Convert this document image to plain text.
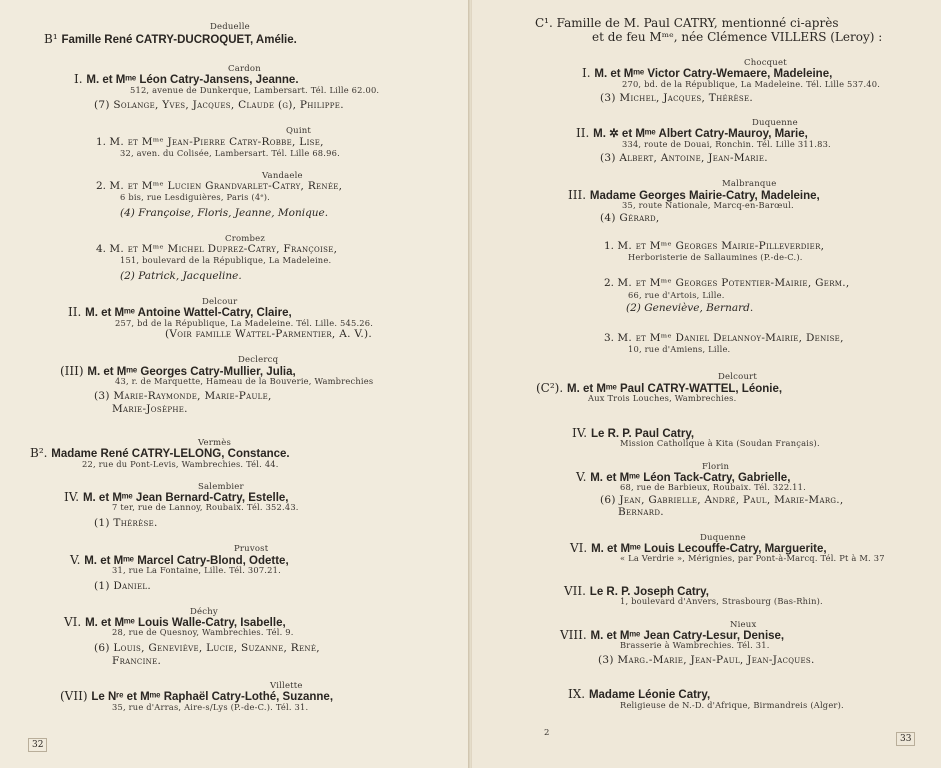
Deduelle
B¹ Famille René CATRY-DUCROQUET, Amélie.
Cardon
I. M. et Mᵐᵉ Léon Catry-Jansens, Jeanne.
512, avenue de Dunkerque, Lambersart. Tél. Lille 62.00.
(7) Solange, Yves, Jacques, Claude (g), Philippe.
Quint
1. M. et Mᵐᵉ Jean-Pierre Catry-Robbe, Lise,
32, aven. du Colisée, Lambersart. Tél. Lille 68.96.
Vandaele
2. M. et Mᵐᵉ Lucien Grandvarlet-Catry, Renée,
6 bis, rue Lesdiguières, Paris (4ᵉ).
(4) Françoise, Floris, Jeanne, Monique.
Crombez
4. M. et Mᵐᵉ Michel Duprez-Catry, Françoise,
151, boulevard de la République, La Madeleine.
(2) Patrick, Jacqueline.
Delcour
II. M. et Mᵐᵉ Antoine Wattel-Catry, Claire,
257, bd de la République, La Madeleine. Tél. Lille. 545.26.
(Voir famille Wattel-Parmentier, A. V.).
Declercq
(III) M. et Mᵐᵉ Georges Catry-Mullier, Julia,
43, r. de Marquette, Hameau de la Bouverie, Wambrechies
(3) Marie-Raymonde, Marie-Paule,
Marie-Josèphe.
Vermès
B². Madame René CATRY-LELONG, Constance.
22, rue du Pont-Levis, Wambrechies. Tél. 44.
Salembier
IV. M. et Mᵐᵉ Jean Bernard-Catry, Estelle,
7 ter, rue de Lannoy, Roubaix. Tél. 352.43.
(1) Thérèse.
Pruvost
V. M. et Mᵐᵉ Marcel Catry-Blond, Odette,
31, rue La Fontaine, Lille. Tél. 307.21.
(1) Daniel.
Déchy
VI. M. et Mᵐᵉ Louis Walle-Catry, Isabelle,
28, rue de Quesnoy, Wambrechies. Tél. 9.
(6) Louis, Geneviève, Lucie, Suzanne, René,
Francine.
Villette
(VII) Le Nʳᵉ et Mᵐᵉ Raphaël Catry-Lothé, Suzanne,
35, rue d'Arras, Aire-s/Lys (P.-de-C.). Tél. 31.
32
C¹. Famille de M. Paul CATRY, mentionné ci-après
et de feu Mᵐᵉ, née Clémence VILLERS (Leroy) :
Chocquet
I. M. et Mᵐᵉ Victor Catry-Wemaere, Madeleine,
270, bd. de la République, La Madeleine. Tél. Lille 537.40.
(3) Michel, Jacques, Thérèse.
Duquenne
II. M. ✲ et Mᵐᵉ Albert Catry-Mauroy, Marie,
334, route de Douai, Ronchin. Tél. Lille 311.83.
(3) Albert, Antoine, Jean-Marie.
Malbranque
III. Madame Georges Mairie-Catry, Madeleine,
35, route Nationale, Marcq-en-Barœul.
(4) Gérard,
1. M. et Mᵐᵉ Georges Mairie-Pilleverdier,
Herboristerie de Sallaumines (P.-de-C.).
2. M. et Mᵐᵉ Georges Potentier-Mairie, Germ.,
66, rue d'Artois, Lille.
(2) Geneviève, Bernard.
3. M. et Mᵐᵉ Daniel Delannoy-Mairie, Denise,
10, rue d'Amiens, Lille.
Delcourt
(C²). M. et Mᵐᵉ Paul CATRY-WATTEL, Léonie,
Aux Trois Louches, Wambrechies.
IV. Le R. P. Paul Catry,
Mission Catholique à Kita (Soudan Français).
Florin
V. M. et Mᵐᵉ Léon Tack-Catry, Gabrielle,
68, rue de Barbieux, Roubaix. Tél. 322.11.
(6) Jean, Gabrielle, André, Paul, Marie-Marg.,
Bernard.
Duquenne
VI. M. et Mᵐᵉ Louis Lecouffe-Catry, Marguerite,
« La Verdrie », Mérignies, par Pont-à-Marcq. Tél. Pt à M. 37
VII. Le R. P. Joseph Catry,
1, boulevard d'Anvers, Strasbourg (Bas-Rhin).
Nieux
VIII. M. et Mᵐᵉ Jean Catry-Lesur, Denise,
Brasserie à Wambrechies. Tél. 31.
(3) Marg.-Marie, Jean-Paul, Jean-Jacques.
IX. Madame Léonie Catry,
Religieuse de N.-D. d'Afrique, Birmandreis (Alger).
2
33
